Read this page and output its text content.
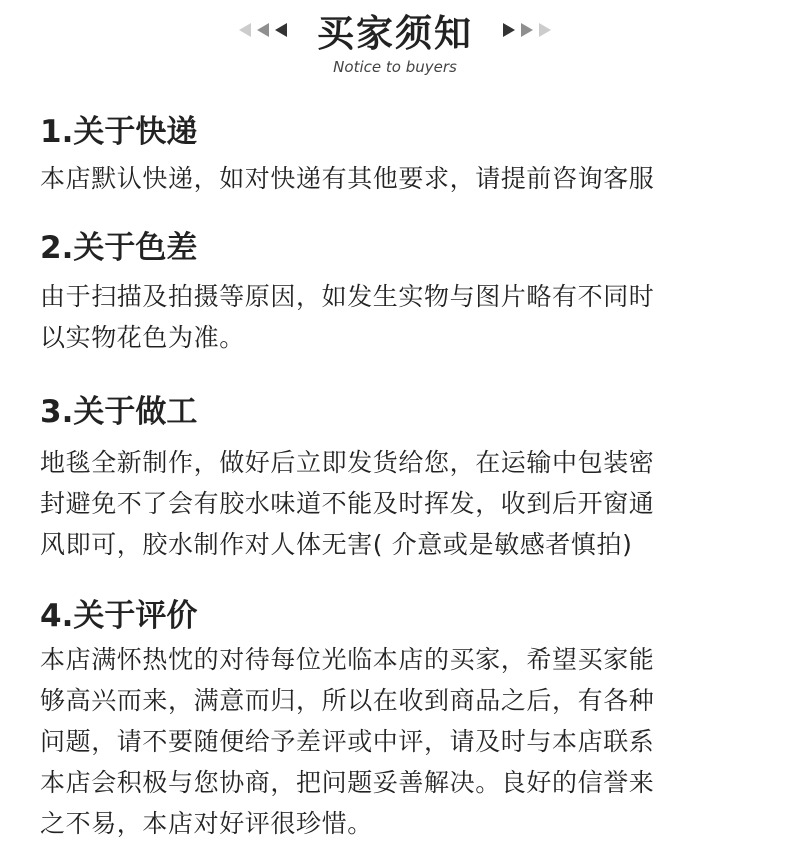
买家须知
Notice to buyers
1.关于快递
本店默认快递，如对快递有其他要求，请提前咨询客服
2.关于色差
由于扫描及拍摄等原因，如发生实物与图片略有不同时
以实物花色为准。
3.关于做工
地毯全新制作，做好后立即发货给您，在运输中包装密
封避免不了会有胶水味道不能及时挥发，收到后开窗通
风即可，胶水制作对人体无害( 介意或是敏感者慎拍)
4.关于评价
本店满怀热忱的对待每位光临本店的买家，希望买家能
够高兴而来，满意而归，所以在收到商品之后，有各种
问题，请不要随便给予差评或中评，请及时与本店联系
本店会积极与您协商，把问题妥善解决。良好的信誉来
之不易，本店对好评很珍惜。
